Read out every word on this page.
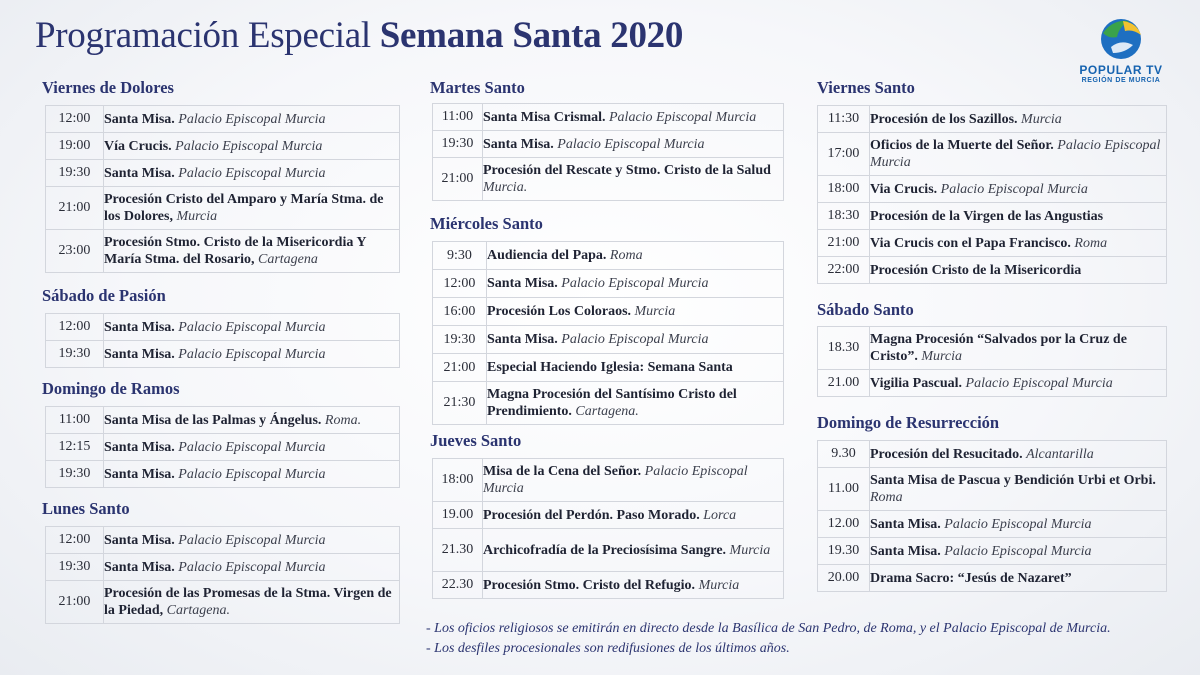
Programación Especial Semana Santa 2020
POPULAR TV
REGIÓN DE MURCIA
Viernes de Dolores
12:00	Santa Misa. Palacio Episcopal Murcia
19:00	Vía Crucis. Palacio Episcopal Murcia
19:30	Santa Misa. Palacio Episcopal Murcia
21:00	Procesión Cristo del Amparo y María Stma. de los Dolores, Murcia
23:00	Procesión Stmo. Cristo de la Misericordia Y María Stma. del Rosario, Cartagena
Sábado de Pasión
12:00	Santa Misa. Palacio Episcopal Murcia
19:30	Santa Misa. Palacio Episcopal Murcia
Domingo de Ramos
11:00	Santa Misa de las Palmas y Ángelus. Roma.
12:15	Santa Misa. Palacio Episcopal Murcia
19:30	Santa Misa. Palacio Episcopal Murcia
Lunes Santo
12:00	Santa Misa. Palacio Episcopal Murcia
19:30	Santa Misa. Palacio Episcopal Murcia
21:00	Procesión de las Promesas de la Stma. Virgen de la Piedad, Cartagena.
Martes Santo
11:00	Santa Misa Crismal. Palacio Episcopal Murcia
19:30	Santa Misa. Palacio Episcopal Murcia
21:00	Procesión del Rescate y Stmo. Cristo de la Salud Murcia.
Miércoles Santo
9:30	Audiencia del Papa. Roma
12:00	Santa Misa. Palacio Episcopal Murcia
16:00	Procesión Los Coloraos. Murcia
19:30	Santa Misa. Palacio Episcopal Murcia
21:00	Especial Haciendo Iglesia: Semana Santa
21:30	Magna Procesión del Santísimo Cristo del Prendimiento. Cartagena.
Jueves Santo
18:00	Misa de la Cena del Señor. Palacio Episcopal Murcia
19.00	Procesión del Perdón. Paso Morado. Lorca
21.30	Archicofradía de la Preciosísima Sangre. Murcia
22.30	Procesión Stmo. Cristo del Refugio. Murcia
Viernes Santo
11:30	Procesión de los Sazillos. Murcia
17:00	Oficios de la Muerte del Señor. Palacio Episcopal Murcia
18:00	Via Crucis. Palacio Episcopal Murcia
18:30	Procesión de la Virgen de las Angustias
21:00	Via Crucis con el Papa Francisco. Roma
22:00	Procesión Cristo de la Misericordia
Sábado Santo
18.30	Magna Procesión “Salvados por la Cruz de Cristo”. Murcia
21.00	Vigilia Pascual. Palacio Episcopal Murcia
Domingo de Resurrección
9.30	Procesión del Resucitado. Alcantarilla
11.00	Santa Misa de Pascua y Bendición Urbi et Orbi. Roma
12.00	Santa Misa. Palacio Episcopal Murcia
19.30	Santa Misa. Palacio Episcopal Murcia
20.00	Drama Sacro: “Jesús de Nazaret”
- Los oficios religiosos se emitirán en directo desde la Basílica de San Pedro, de Roma, y el Palacio Episcopal de Murcia.
- Los desfiles procesionales son redifusiones de los últimos años.
